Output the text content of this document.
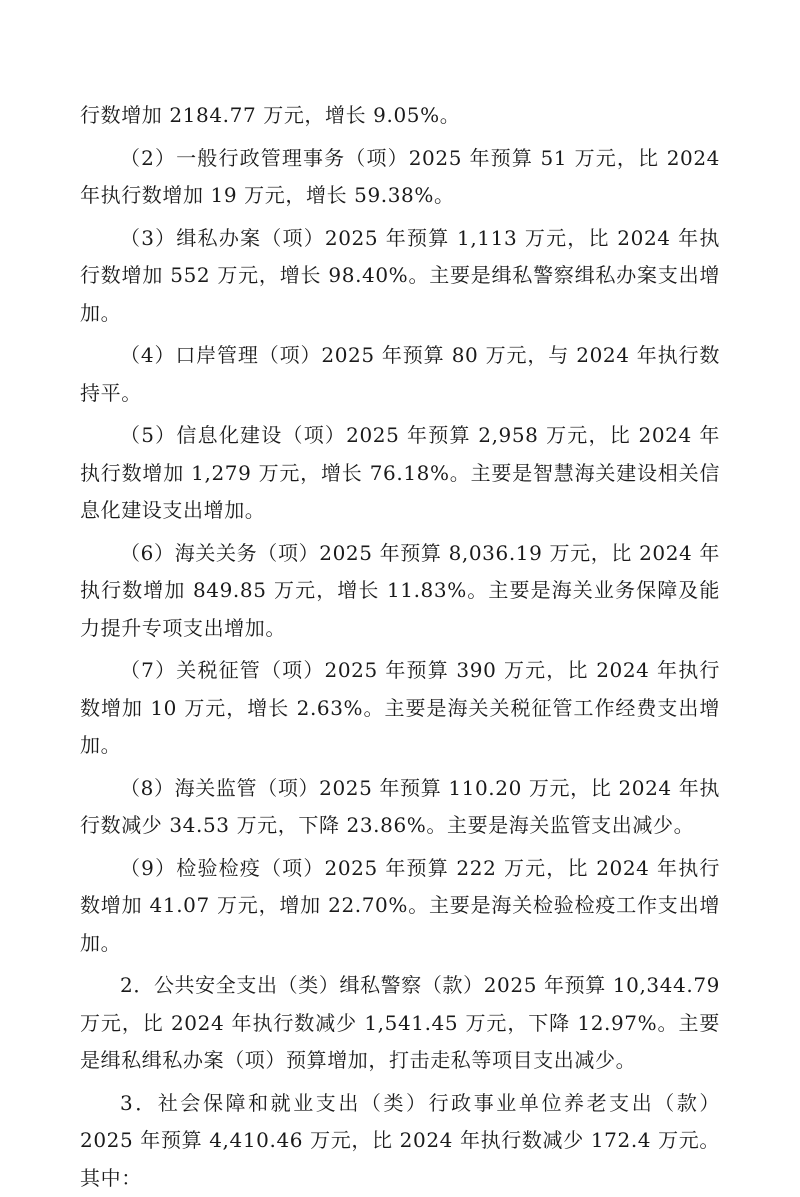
行数增加 2184.77 万元，增长 9.05%。

（2）一般行政管理事务（项）2025 年预算 51 万元，比 2024 年执行数增加 19 万元，增长 59.38%。

（3）缉私办案（项）2025 年预算 1,113 万元，比 2024 年执行数增加 552 万元，增长 98.40%。主要是缉私警察缉私办案支出增加。

（4）口岸管理（项）2025 年预算 80 万元，与 2024 年执行数持平。

（5）信息化建设（项）2025 年预算 2,958 万元，比 2024 年执行数增加 1,279 万元，增长 76.18%。主要是智慧海关建设相关信息化建设支出增加。

（6）海关关务（项）2025 年预算 8,036.19 万元，比 2024 年执行数增加 849.85 万元，增长 11.83%。主要是海关业务保障及能力提升专项支出增加。

（7）关税征管（项）2025 年预算 390 万元，比 2024 年执行数增加 10 万元，增长 2.63%。主要是海关关税征管工作经费支出增加。

（8）海关监管（项）2025 年预算 110.20 万元，比 2024 年执行数减少 34.53 万元，下降 23.86%。主要是海关监管支出减少。

（9）检验检疫（项）2025 年预算 222 万元，比 2024 年执行数增加 41.07 万元，增加 22.70%。主要是海关检验检疫工作支出增加。

2．公共安全支出（类）缉私警察（款）2025 年预算 10,344.79 万元，比 2024 年执行数减少 1,541.45 万元，下降 12.97%。主要是缉私缉私办案（项）预算增加，打击走私等项目支出减少。

3．社会保障和就业支出（类）行政事业单位养老支出（款）2025 年预算 4,410.46 万元，比 2024 年执行数减少 172.4 万元。其中：
